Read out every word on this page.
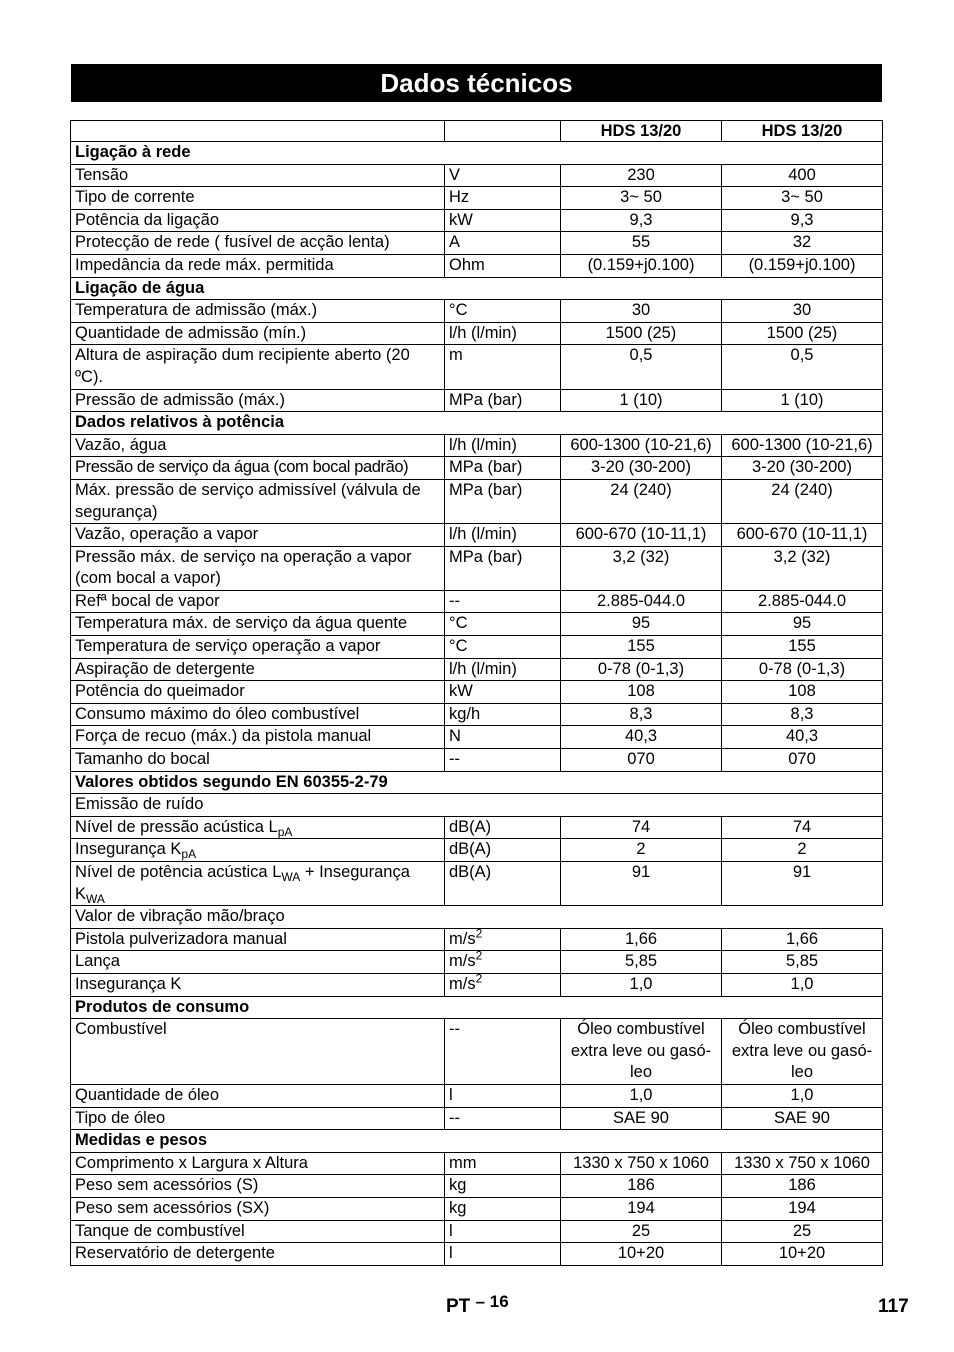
Dados técnicos
		HDS 13/20	HDS 13/20
Ligação à rede			
Tensão	V	230	400
Tipo de corrente	Hz	3~ 50	3~ 50
Potência da ligação	kW	9,3	9,3
Protecção de rede ( fusível de acção lenta)	A	55	32
Impedância da rede máx. permitida	Ohm	(0.159+j0.100)	(0.159+j0.100)
Ligação de água			
Temperatura de admissão (máx.)	°C	30	30
Quantidade de admissão (mín.)	l/h (l/min)	1500 (25)	1500 (25)
Altura de aspiração dum recipiente aberto (20 ºC).	m	0,5	0,5
Pressão de admissão (máx.)	MPa (bar)	1 (10)	1 (10)
Dados relativos à potência			
Vazão, água	l/h (l/min)	600-1300 (10-21,6)	600-1300 (10-21,6)
Pressão de serviço da água (com bocal padrão)	MPa (bar)	3-20 (30-200)	3-20 (30-200)
Máx. pressão de serviço admissível (válvula de segurança)	MPa (bar)	24 (240)	24 (240)
Vazão, operação a vapor	l/h (l/min)	600-670 (10-11,1)	600-670 (10-11,1)
Pressão máx. de serviço na operação a vapor (com bocal a vapor)	MPa (bar)	3,2 (32)	3,2 (32)
Refª bocal de vapor	--	2.885-044.0	2.885-044.0
Temperatura máx. de serviço da água quente	°C	95	95
Temperatura de serviço operação a vapor	°C	155	155
Aspiração de detergente	l/h (l/min)	0-78 (0-1,3)	0-78 (0-1,3)
Potência do queimador	kW	108	108
Consumo máximo do óleo combustível	kg/h	8,3	8,3
Força de recuo (máx.) da pistola manual	N	40,3	40,3
Tamanho do bocal	--	070	070
Valores obtidos segundo EN 60355-2-79			
Emissão de ruído			
Nível de pressão acústica $L_{pA}$	dB(A)	74	74
Insegurança $K_{pA}$	dB(A)	2	2
Nível de potência acústica $L_{WA}$ + Insegurança $K_{WA}$	dB(A)	91	91
Valor de vibração mão/braço			
Pistola pulverizadora manual	$m/s^2$	1,66	1,66
Lança	$m/s^2$	5,85	5,85
Insegurança K	$m/s^2$	1,0	1,0
Produtos de consumo			
Combustível	--	Óleo combustível extra leve ou gasó-leo	Óleo combustível extra leve ou gasó-leo
Quantidade de óleo	l	1,0	1,0
Tipo de óleo	--	SAE 90	SAE 90
Medidas e pesos			
Comprimento x Largura x Altura	mm	1330 x 750 x 1060	1330 x 750 x 1060
Peso sem acessórios (S)	kg	186	186
Peso sem acessórios (SX)	kg	194	194
Tanque de combustível	l	25	25
Reservatório de detergente	l	10+20	10+20
PT $^{- 16}$	117
